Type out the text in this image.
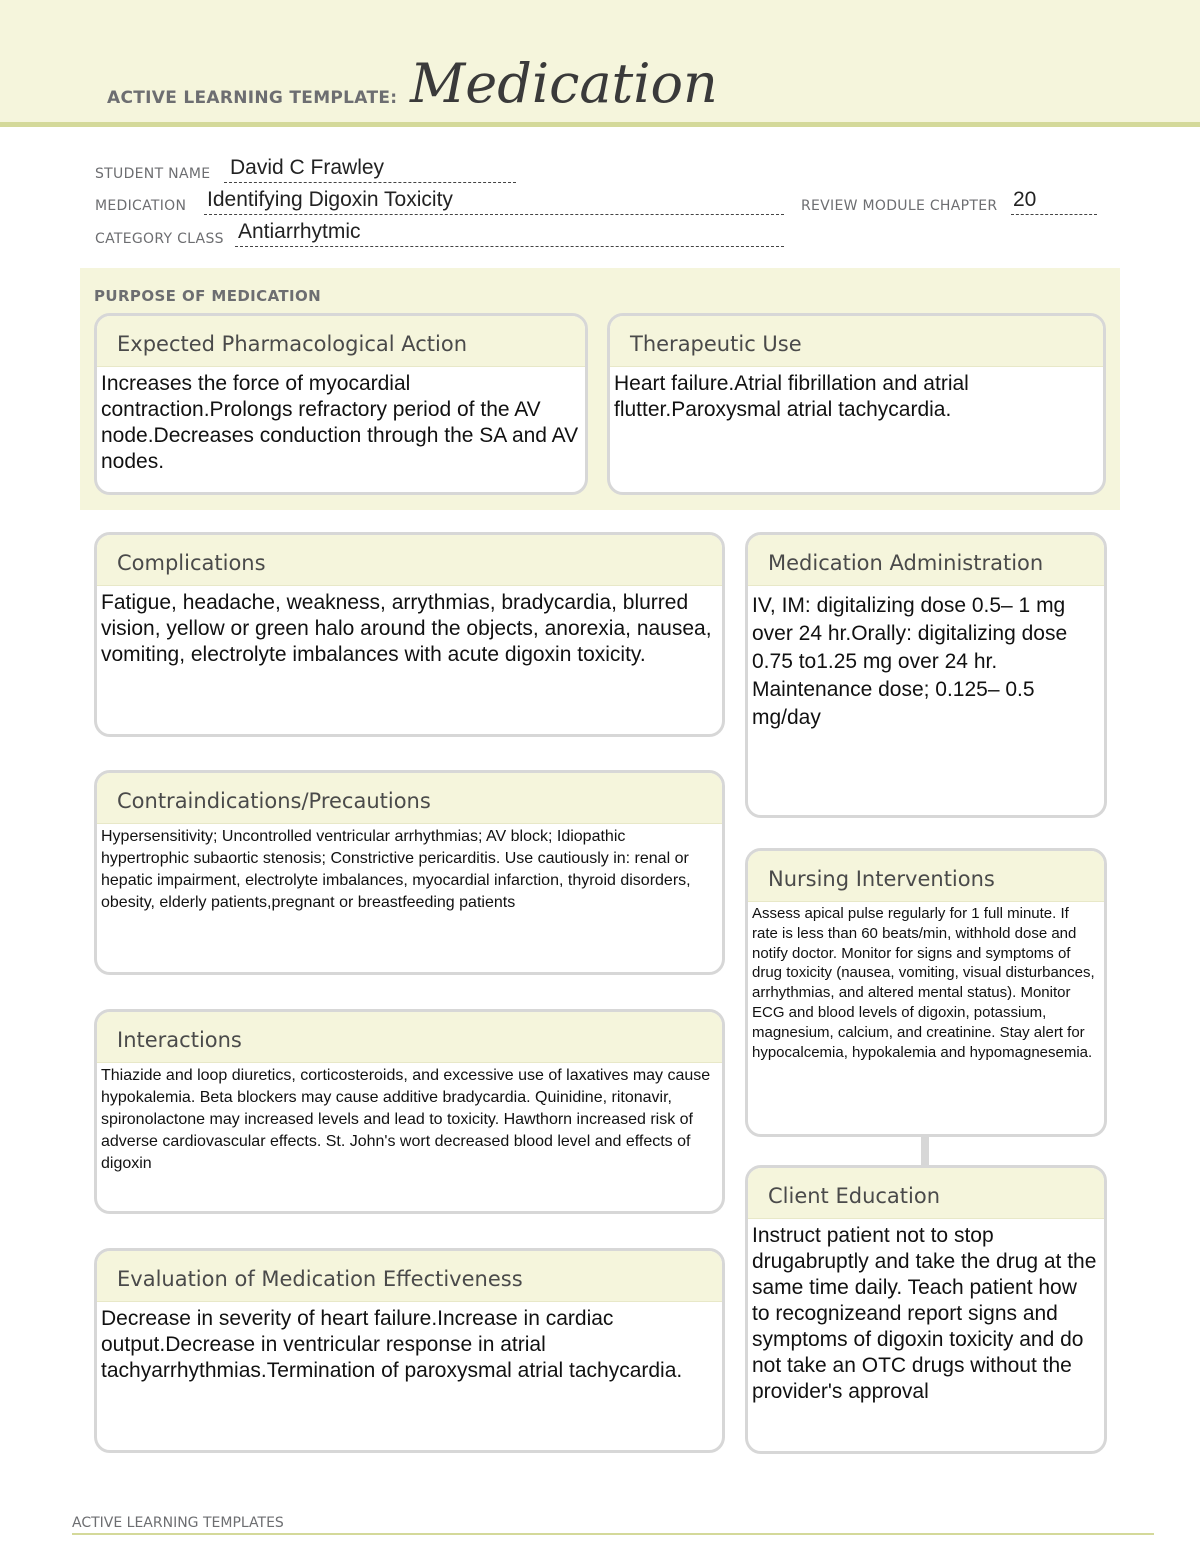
ACTIVE LEARNING TEMPLATE: Medication
STUDENT NAME David C Frawley
MEDICATION Identifying Digoxin Toxicity	REVIEW MODULE CHAPTER 20
CATEGORY CLASS Antiarrhytmic
PURPOSE OF MEDICATION
Expected Pharmacological Action
Increases the force of myocardial contraction.Prolongs refractory period of the AV node.Decreases conduction through the SA and AV nodes.
Therapeutic Use
Heart failure.Atrial fibrillation and atrial flutter.Paroxysmal atrial tachycardia.
Complications
Fatigue, headache, weakness, arrythmias, bradycardia, blurred vision, yellow or green halo around the objects, anorexia, nausea, vomiting, electrolyte imbalances with acute digoxin toxicity.
Contraindications/Precautions
Hypersensitivity; Uncontrolled ventricular arrhythmias; AV block; Idiopathic hypertrophic subaortic stenosis; Constrictive pericarditis. Use cautiously in: renal or hepatic impairment, electrolyte imbalances, myocardial infarction, thyroid disorders, obesity, elderly patients,pregnant or breastfeeding patients
Interactions
Thiazide and loop diuretics, corticosteroids, and excessive use of laxatives may cause hypokalemia. Beta blockers may cause additive bradycardia. Quinidine, ritonavir, spironolactone may increased levels and lead to toxicity. Hawthorn increased risk of adverse cardiovascular effects. St. John's wort decreased blood level and effects of digoxin
Evaluation of Medication Effectiveness
Decrease in severity of heart failure.Increase in cardiac output.Decrease in ventricular response in atrial tachyarrhythmias.Termination of paroxysmal atrial tachycardia.
Medication Administration
IV, IM: digitalizing dose 0.5– 1 mg over 24 hr.Orally: digitalizing dose 0.75 to1.25 mg over 24 hr. Maintenance dose; 0.125– 0.5 mg/day
Nursing Interventions
Assess apical pulse regularly for 1 full minute. If rate is less than 60 beats/min, withhold dose and notify doctor. Monitor for signs and symptoms of drug toxicity (nausea, vomiting, visual disturbances, arrhythmias, and altered mental status). Monitor ECG and blood levels of digoxin, potassium, magnesium, calcium, and creatinine. Stay alert for hypocalcemia, hypokalemia and hypomagnesemia.
Client Education
Instruct patient not to stop drugabruptly and take the drug at the same time daily. Teach patient how to recognizeand report signs and symptoms of digoxin toxicity and do not take an OTC drugs without the provider's approval
ACTIVE LEARNING TEMPLATES
